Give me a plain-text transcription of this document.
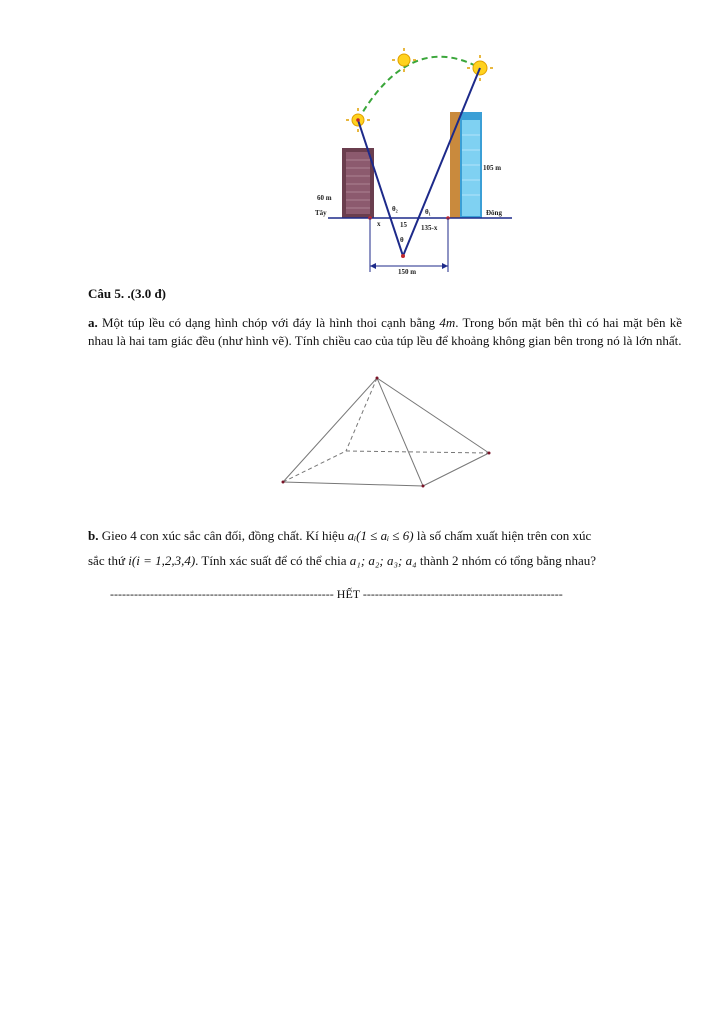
60 m
105 m
Tây	Đông
x	15 135-x
θ
θ₁
θ₂
150 m
Câu 5. .(3.0 đ)
a. Một túp lều có dạng hình chóp với đáy là hình thoi cạnh bằng 4m. Trong bốn mặt bên thì có hai mặt bên kề nhau là hai tam giác đều (như hình vẽ). Tính chiều cao của túp lều để khoảng không gian bên trong nó là lớn nhất.
b. Gieo 4 con xúc sắc cân đối, đồng chất. Kí hiệu aᵢ(1 ≤ aᵢ ≤ 6) là số chấm xuất hiện trên con xúc
sắc thứ i(i = 1,2,3,4). Tính xác suất để có thể chia a₁; a₂; a₃; a₄ thành 2 nhóm có tổng bằng nhau?
-------------------------------------------------------- HẾT --------------------------------------------------
